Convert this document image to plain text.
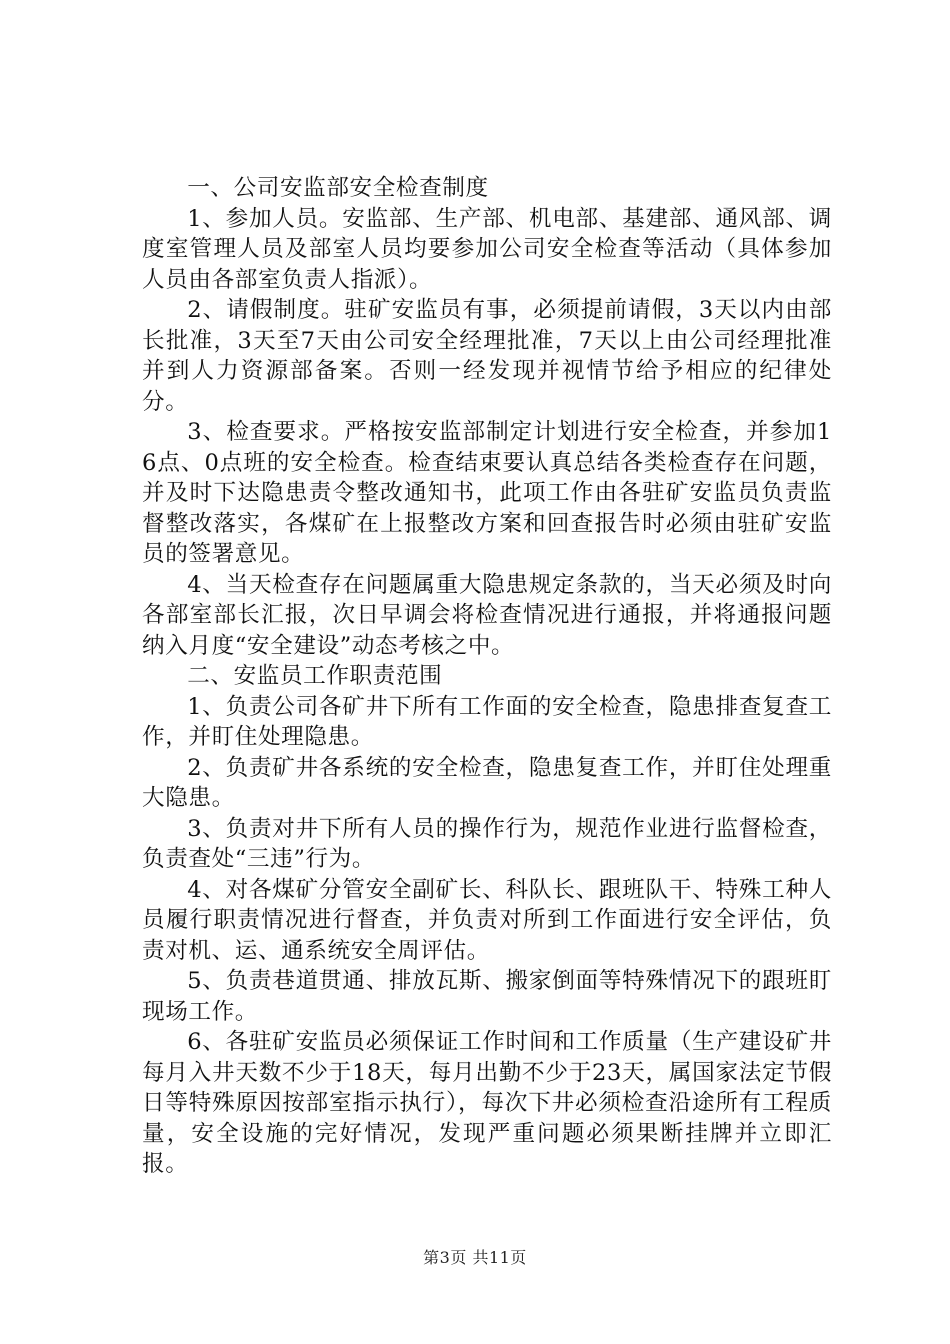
一、公司安监部安全检查制度

1、参加人员。安监部、生产部、机电部、基建部、通风部、调度室管理人员及部室人员均要参加公司安全检查等活动（具体参加人员由各部室负责人指派）。

2、请假制度。驻矿安监员有事，必须提前请假，3天以内由部长批准，3天至7天由公司安全经理批准，7天以上由公司经理批准并到人力资源部备案。否则一经发现并视情节给予相应的纪律处分。

3、检查要求。严格按安监部制定计划进行安全检查，并参加16点、0点班的安全检查。检查结束要认真总结各类检查存在问题，并及时下达隐患责令整改通知书，此项工作由各驻矿安监员负责监督整改落实，各煤矿在上报整改方案和回查报告时必须由驻矿安监员的签署意见。

4、当天检查存在问题属重大隐患规定条款的，当天必须及时向各部室部长汇报，次日早调会将检查情况进行通报，并将通报问题纳入月度“安全建设”动态考核之中。

二、安监员工作职责范围

1、负责公司各矿井下所有工作面的安全检查，隐患排查复查工作，并盯住处理隐患。

2、负责矿井各系统的安全检查，隐患复查工作，并盯住处理重大隐患。

3、负责对井下所有人员的操作行为，规范作业进行监督检查，负责查处“三违”行为。

4、对各煤矿分管安全副矿长、科队长、跟班队干、特殊工种人员履行职责情况进行督查，并负责对所到工作面进行安全评估，负责对机、运、通系统安全周评估。

5、负责巷道贯通、排放瓦斯、搬家倒面等特殊情况下的跟班盯现场工作。

6、各驻矿安监员必须保证工作时间和工作质量（生产建设矿井每月入井天数不少于18天，每月出勤不少于23天，属国家法定节假日等特殊原因按部室指示执行），每次下井必须检查沿途所有工程质量，安全设施的完好情况，发现严重问题必须果断挂牌并立即汇报。

第3页 共11页
